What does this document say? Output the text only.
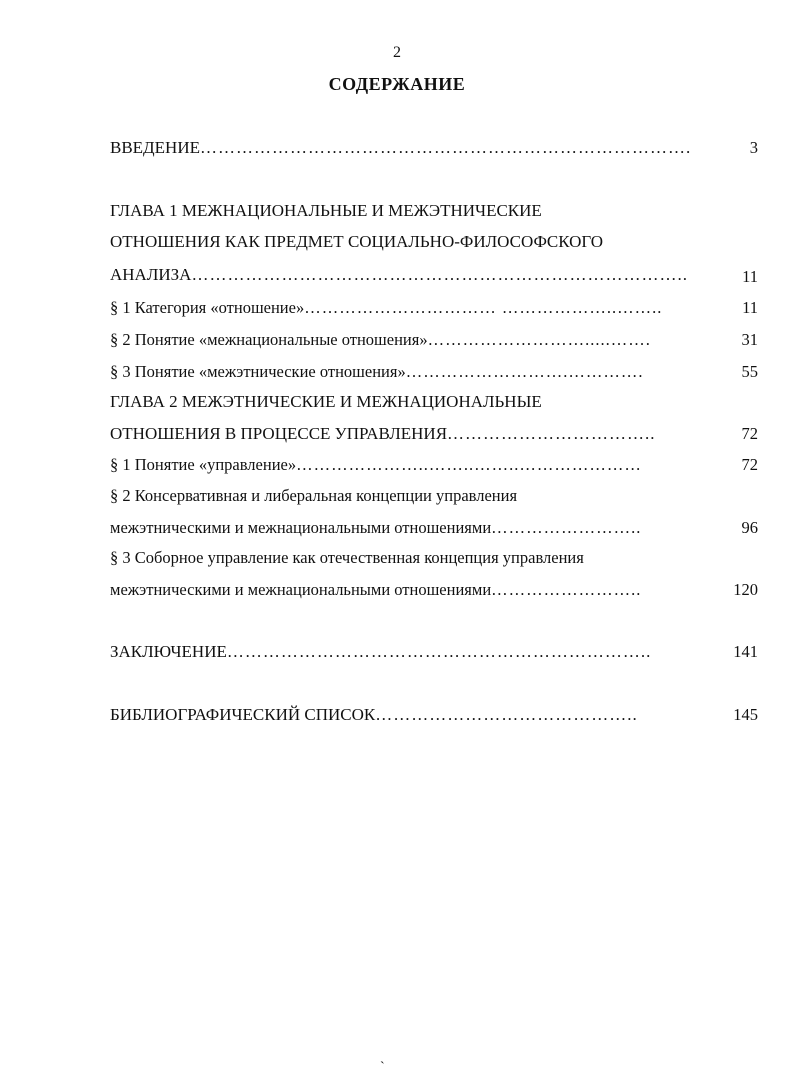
2
СОДЕРЖАНИЕ
ВВЕДЕНИЕ……………………………………………………………………….	3
ГЛАВА 1 МЕЖНАЦИОНАЛЬНЫЕ И МЕЖЭТНИЧЕСКИЕ
ОТНОШЕНИЯ КАК ПРЕДМЕТ СОЦИАЛЬНО-ФИЛОСОФСКОГО
АНАЛИЗА………………………………………………………………………..	11
§ 1 Категория «отношение»…………………………… ………………..……..	11
§ 2 Понятие «межнациональные отношения»……………………….....…….	31
§ 3 Понятие «межэтнические отношения»……………………….………….	55
ГЛАВА 2 МЕЖЭТНИЧЕСКИЕ И МЕЖНАЦИОНАЛЬНЫЕ
ОТНОШЕНИЯ В ПРОЦЕССЕ УПРАВЛЕНИЯ……………………………..	72
§ 1 Понятие «управление»…………………..……..……..…………………	72
§ 2 Консервативная и либеральная концепции управления
межэтническими и межнациональными отношениями……………………..	96
§ 3 Соборное управление как отечественная концепция управления
межэтническими и межнациональными отношениями……………………..	120
ЗАКЛЮЧЕНИЕ……………………………………………………………..	141
БИБЛИОГРАФИЧЕСКИЙ СПИСОК……………………………………..	145
`
